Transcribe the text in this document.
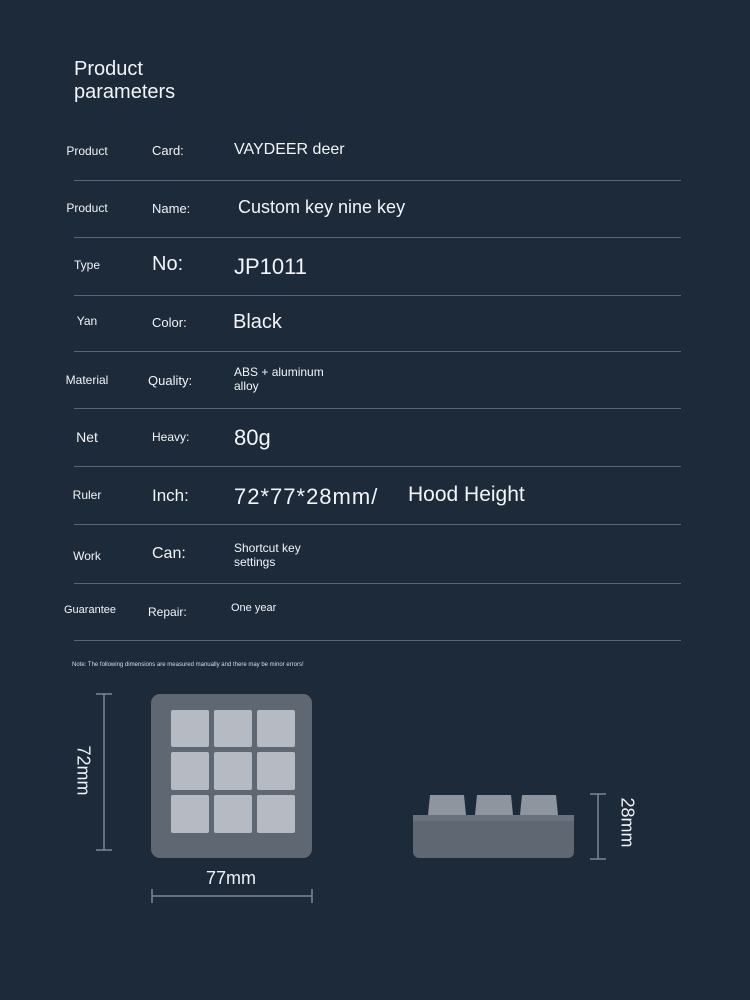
Product parameters
Product	Card:	VAYDEER deer
Product	Name:	Custom key nine key
Type	No: JP1011
Yan	Color: Black
Material	Quality:
ABS + aluminum alloy
Net	Heavy: 80g
Ruler	Inch: 72*77*28mm/ Hood Height
Work	Can:	Shortcut key settings
Guarantee	Repair:	One year
Note: The following dimensions are measured manually and there may be minor errors!
72mm
77mm
28mm
